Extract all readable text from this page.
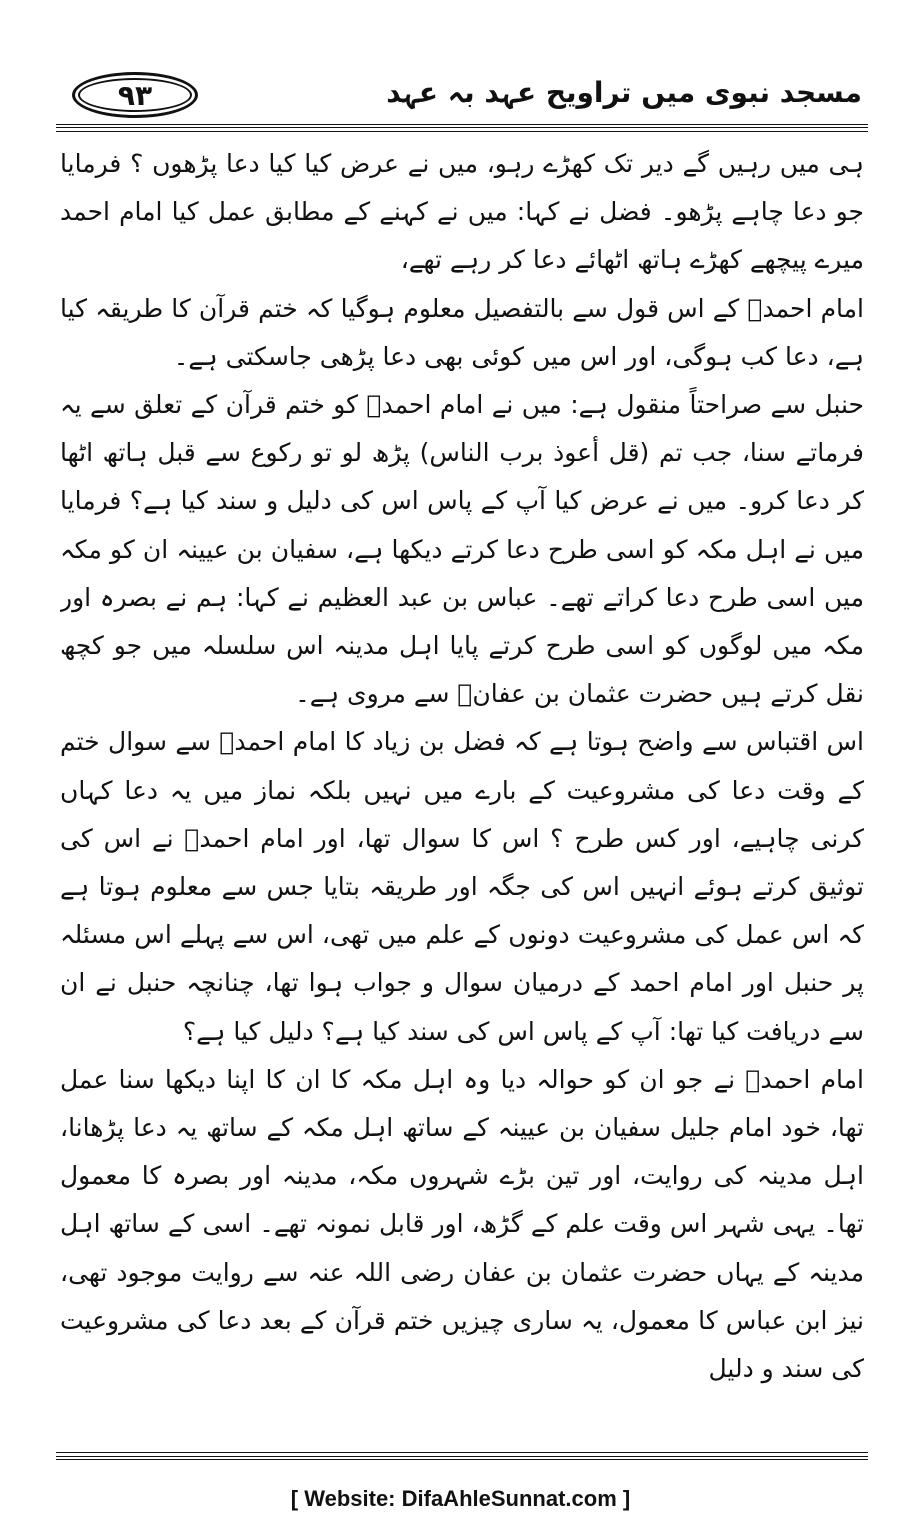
۹۳	مسجد نبوی میں تراویح عہد بہ عہد

ہی میں رہیں گے دیر تک کھڑے رہو، میں نے عرض کیا کیا دعا پڑھوں ؟ فرمایا جو دعا چاہے پڑھو۔ فضل نے کہا: میں نے کہنے کے مطابق عمل کیا امام احمد میرے پیچھے کھڑے ہاتھ اٹھائے دعا کر رہے تھے،

امام احمدؒ کے اس قول سے بالتفصیل معلوم ہوگیا کہ ختم قرآن کا طریقہ کیا ہے، دعا کب ہوگی، اور اس میں کوئی بھی دعا پڑھی جاسکتی ہے۔

حنبل سے صراحتاً منقول ہے: میں نے امام احمدؒ کو ختم قرآن کے تعلق سے یہ فرماتے سنا، جب تم (قل أعوذ برب الناس) پڑھ لو تو رکوع سے قبل ہاتھ اٹھا کر دعا کرو۔ میں نے عرض کیا آپ کے پاس اس کی دلیل و سند کیا ہے؟ فرمایا میں نے اہل مکہ کو اسی طرح دعا کرتے دیکھا ہے، سفیان بن عیینہ ان کو مکہ میں اسی طرح دعا کراتے تھے۔ عباس بن عبد العظیم نے کہا: ہم نے بصرہ اور مکہ میں لوگوں کو اسی طرح کرتے پایا اہل مدینہ اس سلسلہ میں جو کچھ نقل کرتے ہیں حضرت عثمان بن عفانؓ سے مروی ہے۔

اس اقتباس سے واضح ہوتا ہے کہ فضل بن زیاد کا امام احمدؒ سے سوال ختم کے وقت دعا کی مشروعیت کے بارے میں نہیں بلکہ نماز میں یہ دعا کہاں کرنی چاہیے، اور کس طرح ؟ اس کا سوال تھا، اور امام احمدؒ نے اس کی توثیق کرتے ہوئے انہیں اس کی جگہ اور طریقہ بتایا جس سے معلوم ہوتا ہے کہ اس عمل کی مشروعیت دونوں کے علم میں تھی، اس سے پہلے اس مسئلہ پر حنبل اور امام احمد کے درمیان سوال و جواب ہوا تھا، چنانچہ حنبل نے ان سے دریافت کیا تھا: آپ کے پاس اس کی سند کیا ہے؟ دلیل کیا ہے؟

امام احمدؒ نے جو ان کو حوالہ دیا وہ اہل مکہ کا ان کا اپنا دیکھا سنا عمل تھا، خود امام جلیل سفیان بن عیینہ کے ساتھ اہل مکہ کے ساتھ یہ دعا پڑھانا، اہل مدینہ کی روایت، اور تین بڑے شہروں مکہ، مدینہ اور بصرہ کا معمول تھا۔ یہی شہر اس وقت علم کے گڑھ، اور قابل نمونہ تھے۔ اسی کے ساتھ اہل مدینہ کے یہاں حضرت عثمان بن عفان رضی اللہ عنہ سے روایت موجود تھی، نیز ابن عباس کا معمول، یہ ساری چیزیں ختم قرآن کے بعد دعا کی مشروعیت کی سند و دلیل

[ Website: DifaAhleSunnat.com ]
